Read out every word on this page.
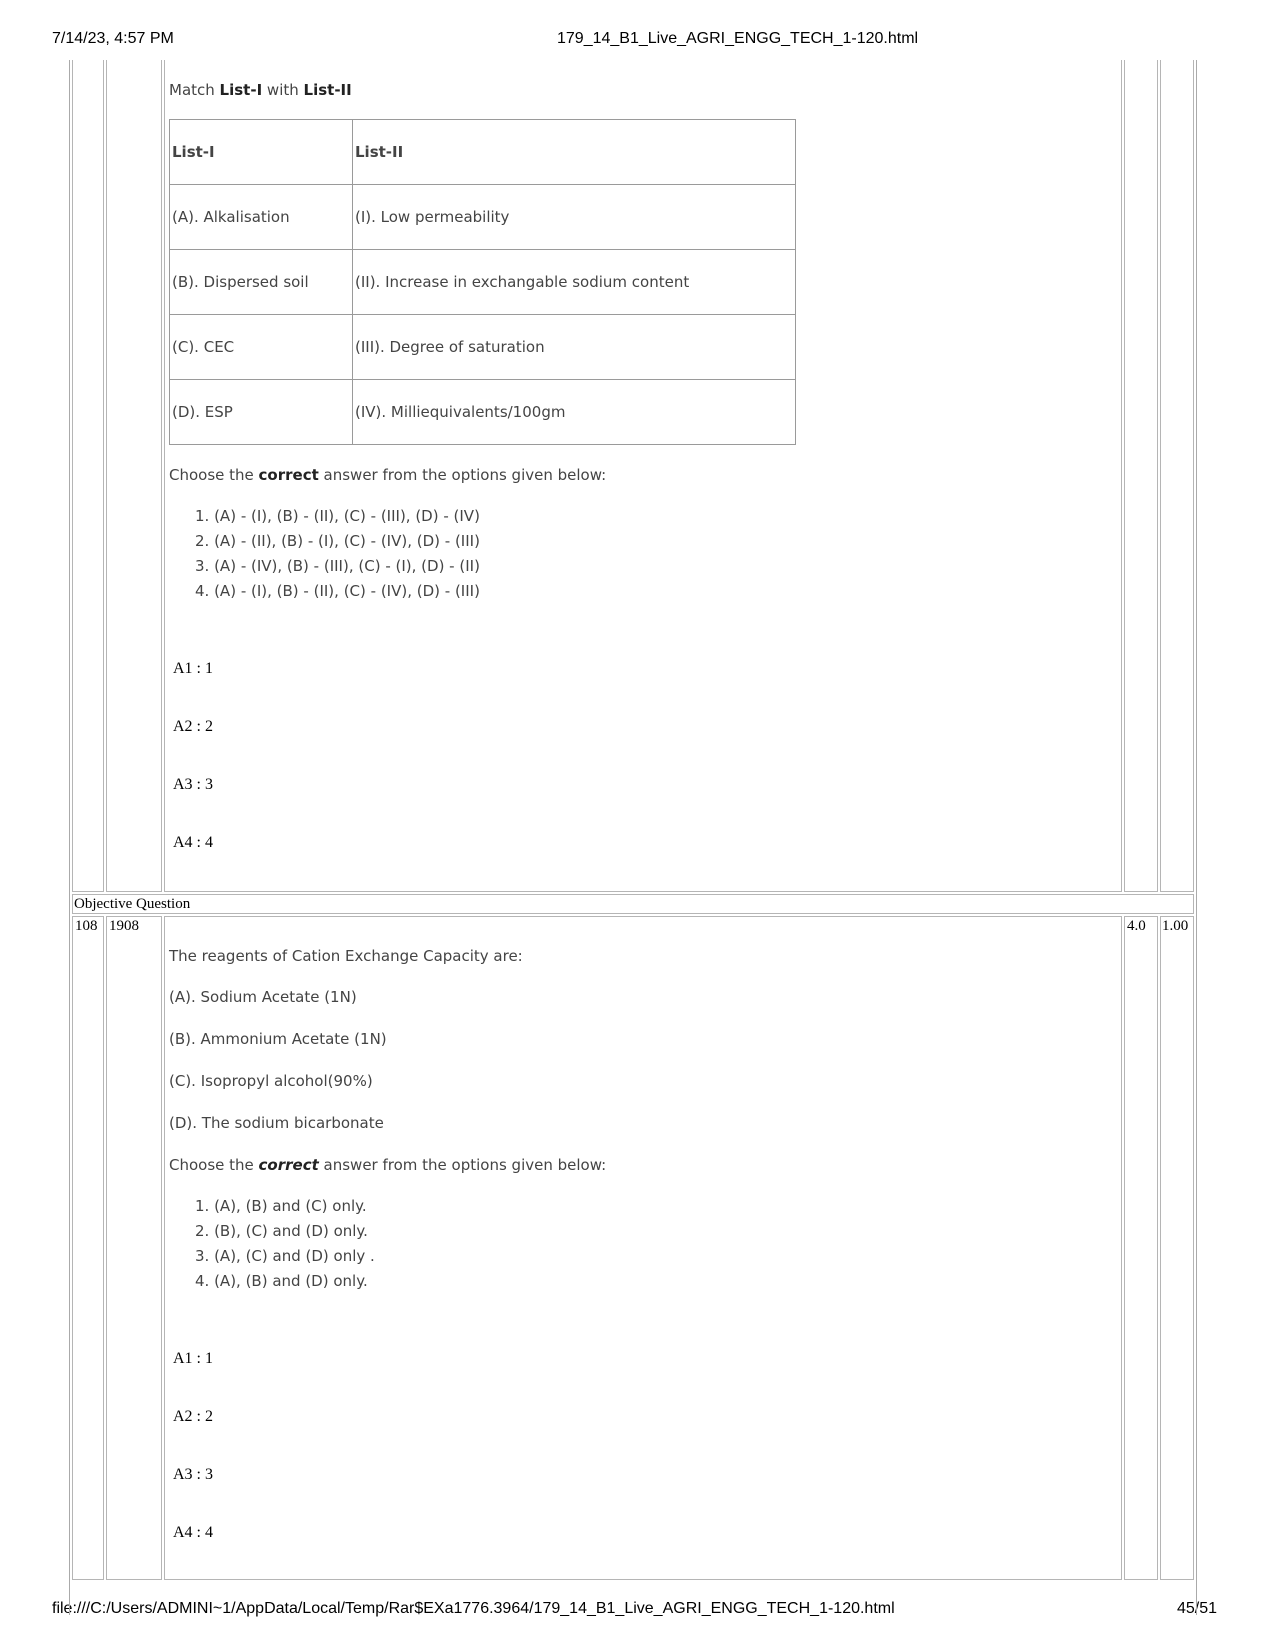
7/14/23, 4:57 PM	179_14_B1_Live_AGRI_ENGG_TECH_1-120.html
file:///C:/Users/ADMINI~1/AppData/Local/Temp/Rar$EXa1776.3964/179_14_B1_Live_AGRI_ENGG_TECH_1-120.html	45/51
Match List-I with List-II
List-I	List-II
(A). Alkalisation	(I). Low permeability
(B). Dispersed soil	(II). Increase in exchangable sodium content
(C). CEC	(III). Degree of saturation
(D). ESP	(IV). Milliequivalents/100gm
Choose the correct answer from the options given below:
1. (A) - (I), (B) - (II), (C) - (III), (D) - (IV)
2. (A) - (II), (B) - (I), (C) - (IV), (D) - (III)
3. (A) - (IV), (B) - (III), (C) - (I), (D) - (II)
4. (A) - (I), (B) - (II), (C) - (IV), (D) - (III)
A1 : 1
A2 : 2
A3 : 3
A4 : 4
Objective Question
108 1908	4.0 1.00
The reagents of Cation Exchange Capacity are:
(A). Sodium Acetate (1N)
(B). Ammonium Acetate (1N)
(C). Isopropyl alcohol(90%)
(D). The sodium bicarbonate
Choose the correct answer from the options given below:
1. (A), (B) and (C) only.
2. (B), (C) and (D) only.
3. (A), (C) and (D) only .
4. (A), (B) and (D) only.
A1 : 1
A2 : 2
A3 : 3
A4 : 4
